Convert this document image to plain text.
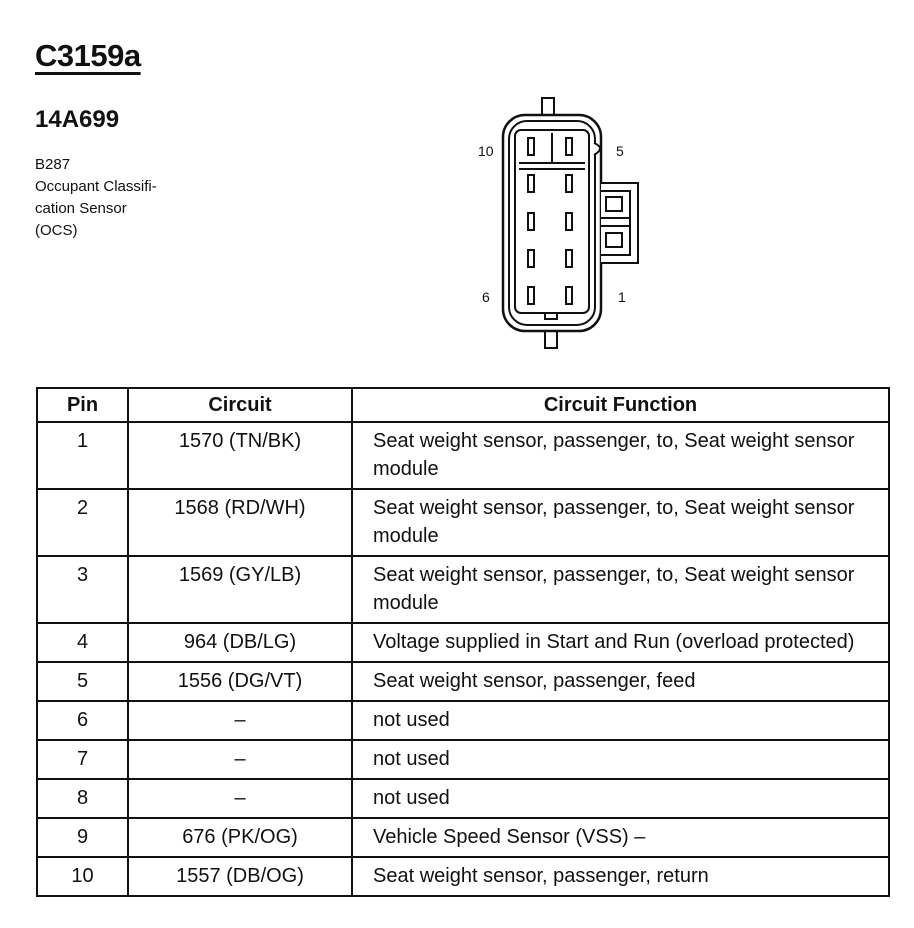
C3159a
14A699
B287
Occupant Classifi-
cation Sensor
(OCS)
10	5
6	1
Pin	Circuit	Circuit Function
1	1570 (TN/BK)	Seat weight sensor, passenger, to, Seat weight sensor module
2	1568 (RD/WH)	Seat weight sensor, passenger, to, Seat weight sensor module
3	1569 (GY/LB)	Seat weight sensor, passenger, to, Seat weight sensor module
4	964 (DB/LG)	Voltage supplied in Start and Run (overload protected)
5	1556 (DG/VT)	Seat weight sensor, passenger, feed
6	–	not used
7	–	not used
8	–	not used
9	676 (PK/OG)	Vehicle Speed Sensor (VSS) –
10	1557 (DB/OG)	Seat weight sensor, passenger, return
